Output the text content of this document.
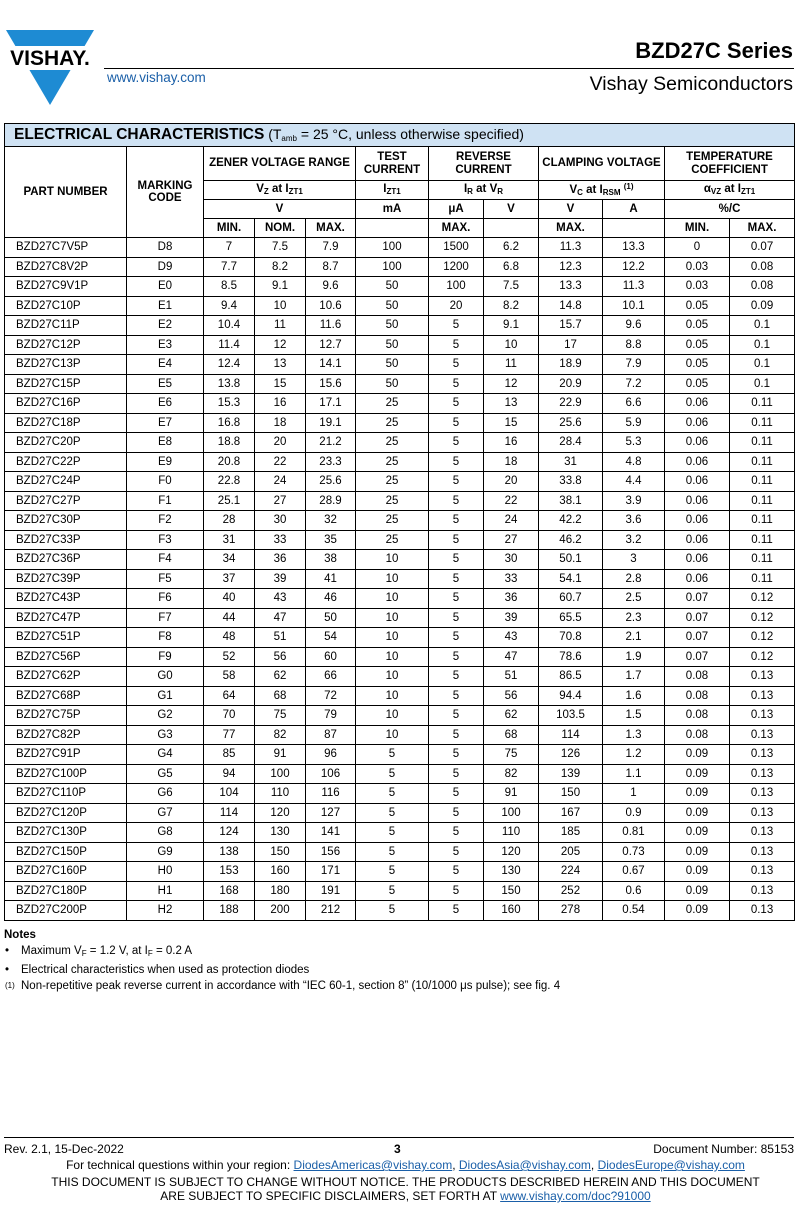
VISHAY.
www.vishay.com
BZD27C Series
Vishay Semiconductors
ELECTRICAL CHARACTERISTICS ($T_{amb} = 25$ °C, unless otherwise specified)											
PART NUMBER	MARKING CODE	ZENER VOLTAGE RANGE			TEST CURRENT	REVERSE CURRENT		CLAMPING VOLTAGE		TEMPERATURE COEFFICIENT	
		$V_Z$ at $I_{ZT1}$			$I_{ZT1}$	$I_R$ at $V_R$		$V_C$ at $I_{RSM}$ $^{(1)}$		$\alpha_{VZ}$ at $I_{ZT1}$
		V			mA	μA	V	V	A	%/C	
		MIN.	NOM.	MAX.		MAX.		MAX.		MIN.	MAX.
BZD27C7V5P	D8	7	7.5	7.9	100	1500	6.2	11.3	13.3	0	0.07
BZD27C8V2P	D9	7.7	8.2	8.7	100	1200	6.8	12.3	12.2	0.03	0.08
BZD27C9V1P	E0	8.5	9.1	9.6	50	100	7.5	13.3	11.3	0.03	0.08
BZD27C10P	E1	9.4	10	10.6	50	20	8.2	14.8	10.1	0.05	0.09
BZD27C11P	E2	10.4	11	11.6	50	5	9.1	15.7	9.6	0.05	0.1
BZD27C12P	E3	11.4	12	12.7	50	5	10	17	8.8	0.05	0.1
BZD27C13P	E4	12.4	13	14.1	50	5	11	18.9	7.9	0.05	0.1
BZD27C15P	E5	13.8	15	15.6	50	5	12	20.9	7.2	0.05	0.1
BZD27C16P	E6	15.3	16	17.1	25	5	13	22.9	6.6	0.06	0.11
BZD27C18P	E7	16.8	18	19.1	25	5	15	25.6	5.9	0.06	0.11
BZD27C20P	E8	18.8	20	21.2	25	5	16	28.4	5.3	0.06	0.11
BZD27C22P	E9	20.8	22	23.3	25	5	18	31	4.8	0.06	0.11
BZD27C24P	F0	22.8	24	25.6	25	5	20	33.8	4.4	0.06	0.11
BZD27C27P	F1	25.1	27	28.9	25	5	22	38.1	3.9	0.06	0.11
BZD27C30P	F2	28	30	32	25	5	24	42.2	3.6	0.06	0.11
BZD27C33P	F3	31	33	35	25	5	27	46.2	3.2	0.06	0.11
BZD27C36P	F4	34	36	38	10	5	30	50.1	3	0.06	0.11
BZD27C39P	F5	37	39	41	10	5	33	54.1	2.8	0.06	0.11
BZD27C43P	F6	40	43	46	10	5	36	60.7	2.5	0.07	0.12
BZD27C47P	F7	44	47	50	10	5	39	65.5	2.3	0.07	0.12
BZD27C51P	F8	48	51	54	10	5	43	70.8	2.1	0.07	0.12
BZD27C56P	F9	52	56	60	10	5	47	78.6	1.9	0.07	0.12
BZD27C62P	G0	58	62	66	10	5	51	86.5	1.7	0.08	0.13
BZD27C68P	G1	64	68	72	10	5	56	94.4	1.6	0.08	0.13
BZD27C75P	G2	70	75	79	10	5	62	103.5	1.5	0.08	0.13
BZD27C82P	G3	77	82	87	10	5	68	114	1.3	0.08	0.13
BZD27C91P	G4	85	91	96	5	5	75	126	1.2	0.09	0.13
BZD27C100P	G5	94	100	106	5	5	82	139	1.1	0.09	0.13
BZD27C110P	G6	104	110	116	5	5	91	150	1	0.09	0.13
BZD27C120P	G7	114	120	127	5	5	100	167	0.9	0.09	0.13
BZD27C130P	G8	124	130	141	5	5	110	185	0.81	0.09	0.13
BZD27C150P	G9	138	150	156	5	5	120	205	0.73	0.09	0.13
BZD27C160P	H0	153	160	171	5	5	130	224	0.67	0.09	0.13
BZD27C180P	H1	168	180	191	5	5	150	252	0.6	0.09	0.13
BZD27C200P	H2	188	200	212	5	5	160	278	0.54	0.09	0.13
Notes
• Maximum $V_F = 1.2$ V, at $I_F = 0.2$ A
• Electrical characteristics when used as protection diodes
$^{(1)}$ Non-repetitive peak reverse current in accordance with “IEC 60-1, section 8” (10/1000 μs pulse); see fig. 4
Rev. 2.1, 15-Dec-2022	3	Document Number: 85153
For technical questions within your region: DiodesAmericas@vishay.com, DiodesAsia@vishay.com, DiodesEurope@vishay.com
THIS DOCUMENT IS SUBJECT TO CHANGE WITHOUT NOTICE. THE PRODUCTS DESCRIBED HEREIN AND THIS DOCUMENT
ARE SUBJECT TO SPECIFIC DISCLAIMERS, SET FORTH AT www.vishay.com/doc?91000
